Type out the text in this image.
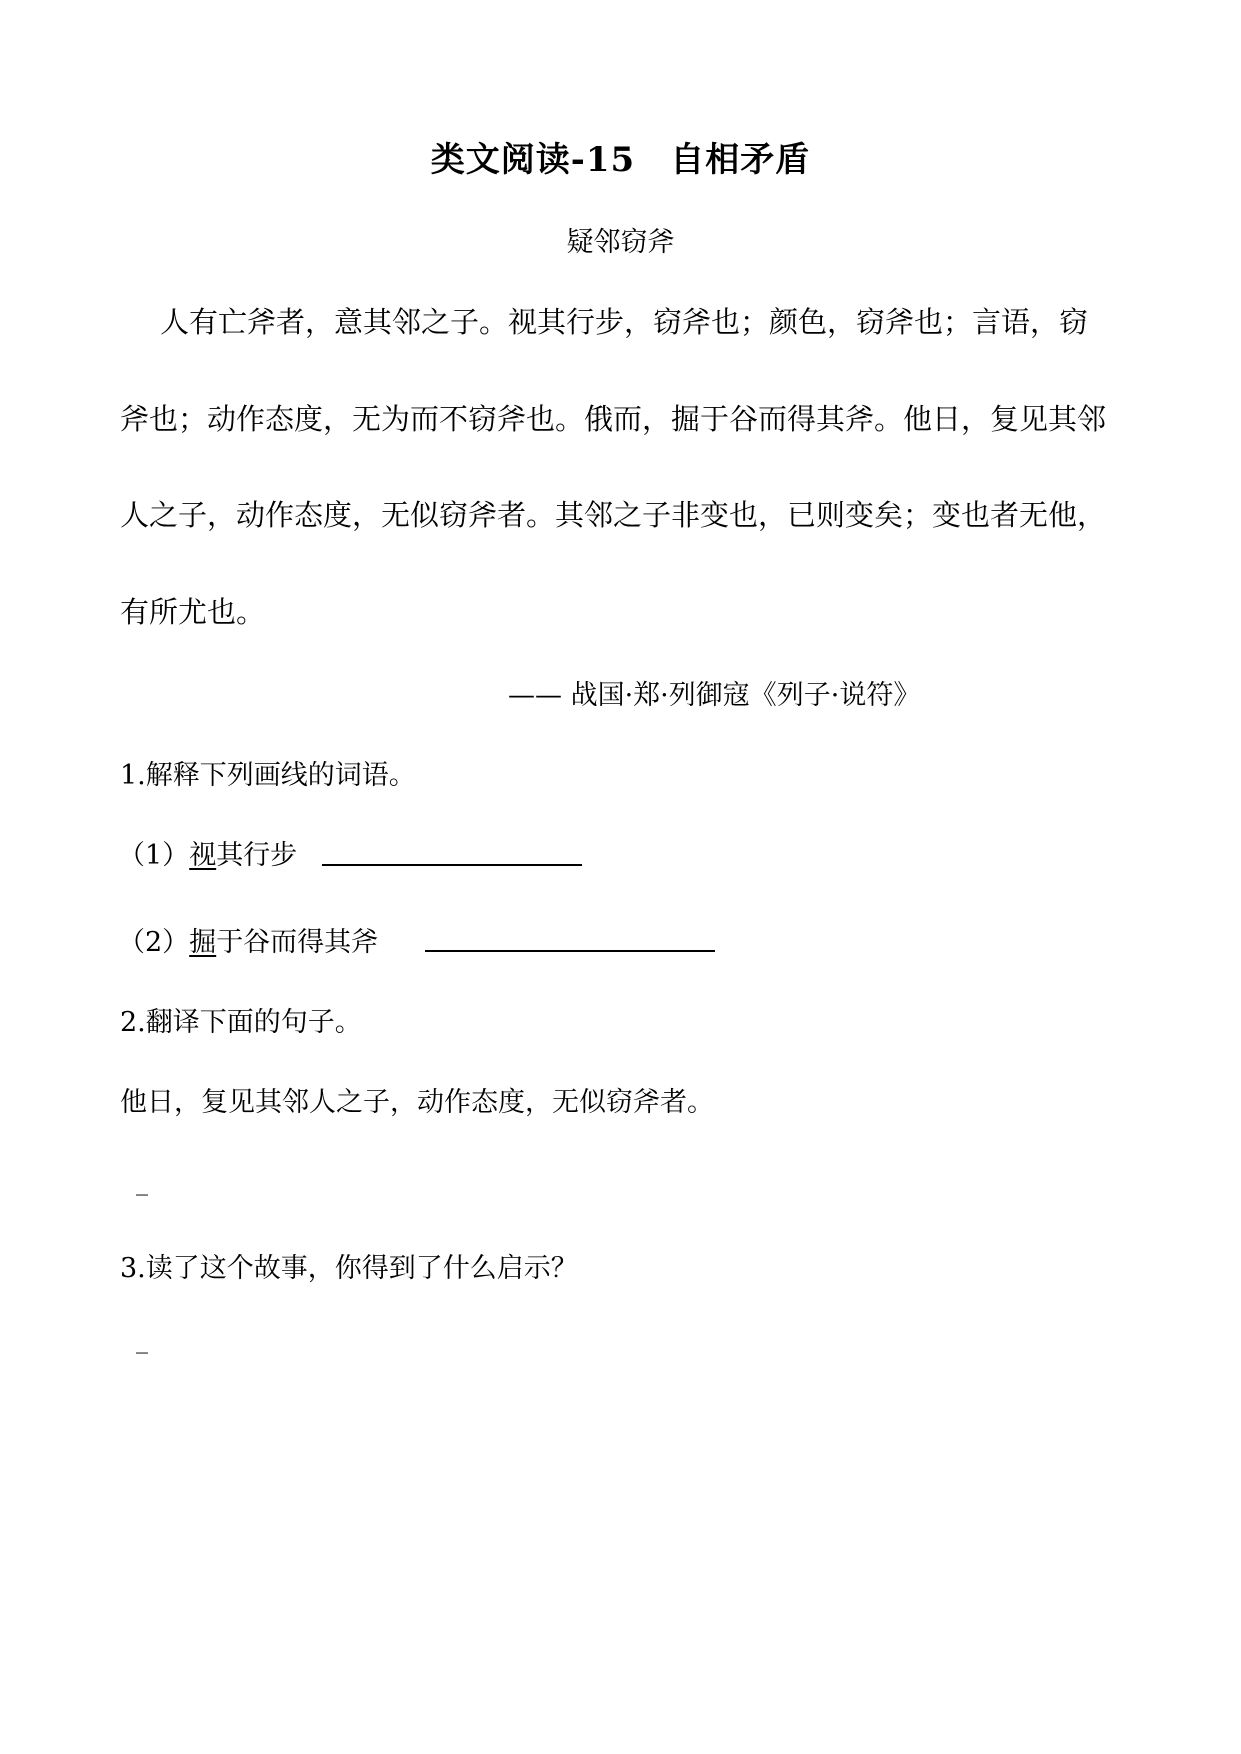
类文阅读-15　自相矛盾
疑邻窃斧
人有亡斧者，意其邻之子。视其行步，窃斧也；颜色，窃斧也；言语，窃
斧也；动作态度，无为而不窃斧也。俄而，掘于谷而得其斧。他日，复见其邻
人之子，动作态度，无似窃斧者。其邻之子非变也，已则变矣；变也者无他，
有所尤也。
—— 战国·郑·列御寇《列子·说符》
1.解释下列画线的词语。
（1）视其行步
（2）掘于谷而得其斧
2.翻译下面的句子。
他日，复见其邻人之子，动作态度，无似窃斧者。
_
3.读了这个故事，你得到了什么启示？
_
